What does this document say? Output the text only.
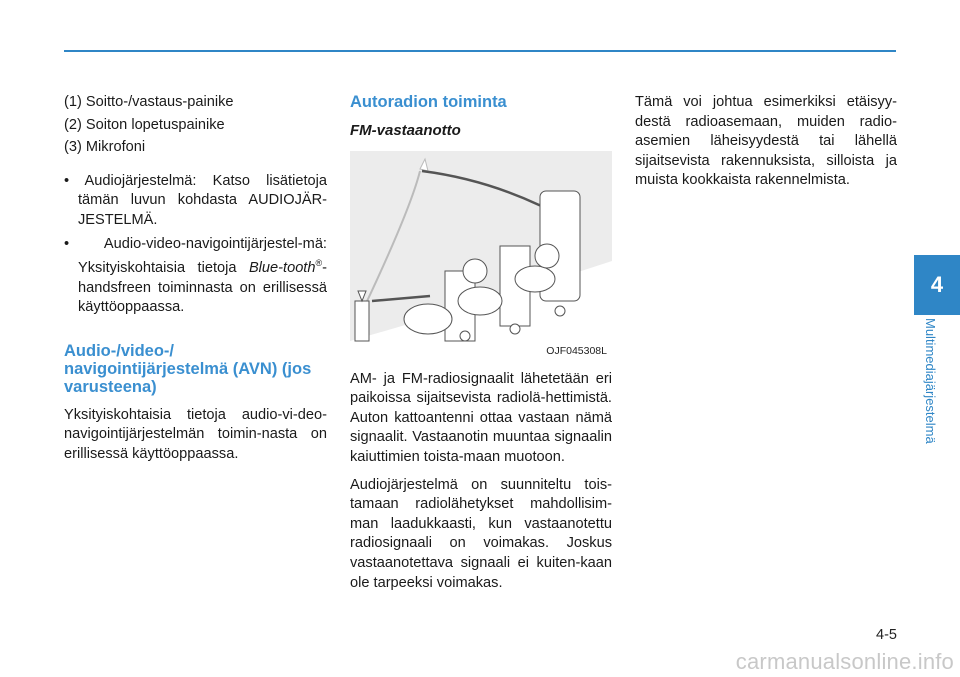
(1) Soitto-/vastaus-painike
(2) Soiton lopetuspainike
(3) Mikrofoni
• Audiojärjestelmä: Katso lisätietoja tämän luvun kohdasta AUDIOJÄR-JESTELMÄ.
• Audio-video-navigointijärjestel-mä: Yksityiskohtaisia tietoja Blue-tooth®-handsfreen toiminnasta on erillisessä käyttöoppaassa.
Audio-/video-/ navigointijärjestelmä (AVN) (jos varusteena)
Yksityiskohtaisia tietoja audio-vi-deo-navigointijärjestelmän toimin-nasta on erillisessä käyttöoppaassa.
Autoradion toiminta
FM-vastaanotto
OJF045308L
AM- ja FM-radiosignaalit lähetetään eri paikoissa sijaitsevista radiolä-hettimistä. Auton kattoantenni ottaa vastaan nämä signaalit. Vastaanotin muuntaa signaalin kaiuttimien toista-maan muotoon.
Audiojärjestelmä on suunniteltu tois-tamaan radiolähetykset mahdollisim-man laadukkaasti, kun vastaanotettu radiosignaali on voimakas. Joskus vastaanotettava signaali ei kuiten-kaan ole tarpeeksi voimakas.
Tämä voi johtua esimerkiksi etäisyy-destä radioasemaan, muiden radio-asemien läheisyydestä tai lähellä sijaitsevista rakennuksista, silloista ja muista kookkaista rakennelmista.
4
Multimediajärjestelmä
4-5
carmanualsonline.info
